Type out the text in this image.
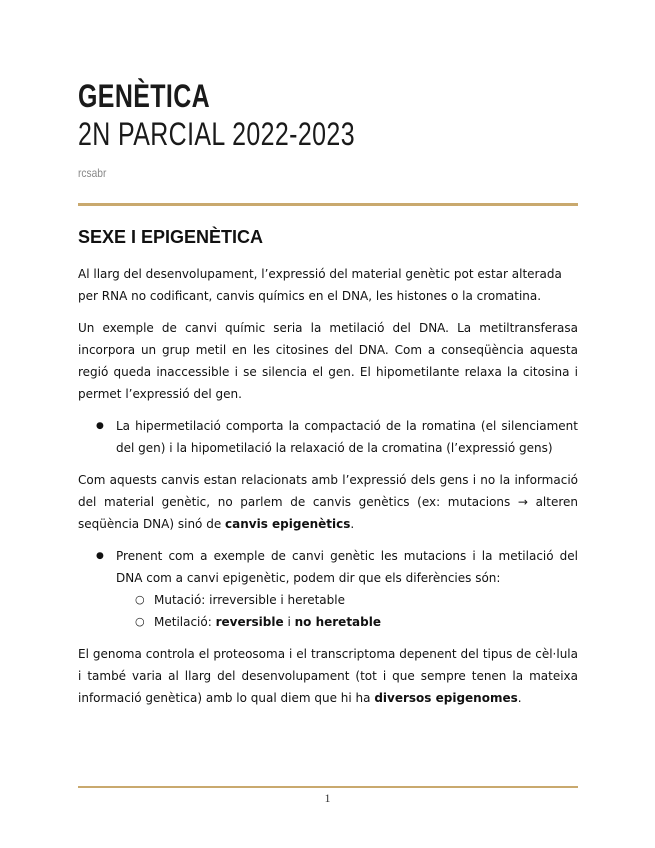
GENÈTICA
2N PARCIAL 2022-2023
rcsabr
SEXE I EPIGENÈTICA

Al llarg del desenvolupament, l’expressió del material genètic pot estar alterada per RNA no codificant, canvis químics en el DNA, les histones o la cromatina.

Un exemple de canvi químic seria la metilació del DNA. La metiltransferasa incorpora un grup metil en les citosines del DNA. Com a conseqüència aquesta regió queda inaccessible i se silencia el gen. El hipometilante relaxa la citosina i permet l’expressió del gen.

● La hipermetilació comporta la compactació de la romatina (el silenciament del gen) i la hipometilació la relaxació de la cromatina (l’expressió gens)

Com aquests canvis estan relacionats amb l’expressió dels gens i no la informació del material genètic, no parlem de canvis genètics (ex: mutacions → alteren seqüència DNA) sinó de canvis epigenètics.

● Prenent com a exemple de canvi genètic les mutacions i la metilació del DNA com a canvi epigenètic, podem dir que els diferències són:
○ Mutació: irreversible i heretable
○ Metilació: reversible i no heretable

El genoma controla el proteosoma i el transcriptoma depenent del tipus de cèl·lula i també varia al llarg del desenvolupament (tot i que sempre tenen la mateixa informació genètica) amb lo qual diem que hi ha diversos epigenomes.

1
